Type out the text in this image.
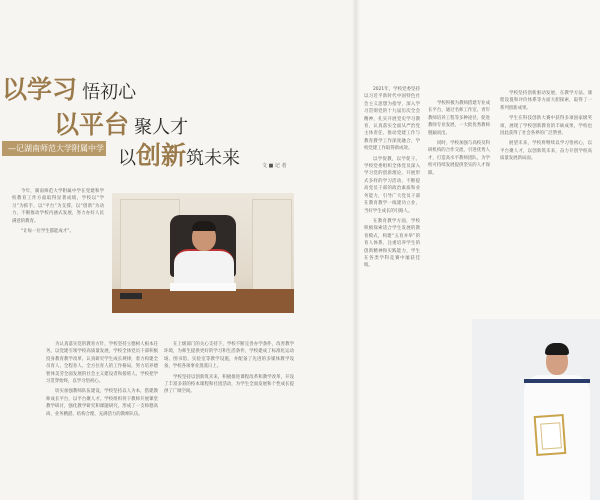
以学习 悟初心
以平台 聚人才
以创新筑未来
—记湖南师范大学附属中学
文 ■ 记 者

今年，湖南师范大学附属中学在党建和学校教育工作方面取得显著成绩，学校以“学习”为抓手，以“平台”为支撑，以“创新”为动力，不断推动学校内涵式发展，努力办好人民满意的教育。

“让每一位学生都能成才”。

为认真落实党的教育方针，学校坚持立德树人根本任务，以党建引领学校高质量发展，学校全体党员干部积极投身教育教学改革，认真研究学生成长规律，着力构建全员育人、全程育人、全方位育人的工作格局，努力培养德智体美劳全面发展的社会主义建设者和接班人。学校把学习贯穿始终，以学习悟初心。

切实加强教师队伍建设，学校坚持以人为本，搭建教师成长平台，以平台聚人才。学校组织骨干教师开展课堂教学研讨，强化教学研究和课题研究，形成了一支师德高尚、业务精湛、结构合理、充满活力的教师队伍。

在上级部门的关心支持下，学校不断完善办学条件，改善教学环境，为师生提供更好的学习和生活条件，学校建成了标准化运动场、图书馆、实验室等教学设施，并配备了先进的多媒体教学设备，学校各项事业蒸蒸日上。

学校坚持以创新筑未来，积极推进课程改革和教学改革，开设了丰富多彩的校本课程和社团活动，为学生全面发展和个性成长提供了广阔空间。

2021年，学校党委坚持以习近平新时代中国特色社会主义思想为指导，深入学习贯彻党的十九届历次全会精神，扎实开展党史学习教育，认真落实全面从严治党主体责任，推动党建工作与教育教学工作深度融合，学校党建工作取得新成效。

以学促教，以学促干。学校党委组织全体党员深入学习党的创新理论，开展形式多样的学习活动，不断提高党员干部的政治素质和业务能力，引导广大党员干部在教育教学一线建功立业，当好学生成长的引路人。

在教育教学方面，学校积极探索适合学生发展的教育模式，构建“五育并举”的育人体系，注重培养学生的创新精神和实践能力，学生在各类学科竞赛中屡获佳绩。

学校积极为教师搭建专业成长平台，通过名师工作室、青年教师培养工程等多种途径，促进教师专业发展，一大批优秀教师脱颖而出。

同时，学校加强与高校及科研机构的合作交流，引进优秀人才，打造高水平教师团队，为学校可持续发展提供坚实的人才保障。

学校坚持创新驱动发展，在教学方法、课程设置和评价体系等方面大胆探索，取得了一系列创新成果。

学生在科技创新大赛中获得多项国家级奖项，展现了学校创新教育的丰硕成果，学校也因此获得了社会各界的广泛赞誉。

展望未来，学校将继续以学习悟初心，以平台聚人才，以创新筑未来，奋力开创学校高质量发展新局面。
